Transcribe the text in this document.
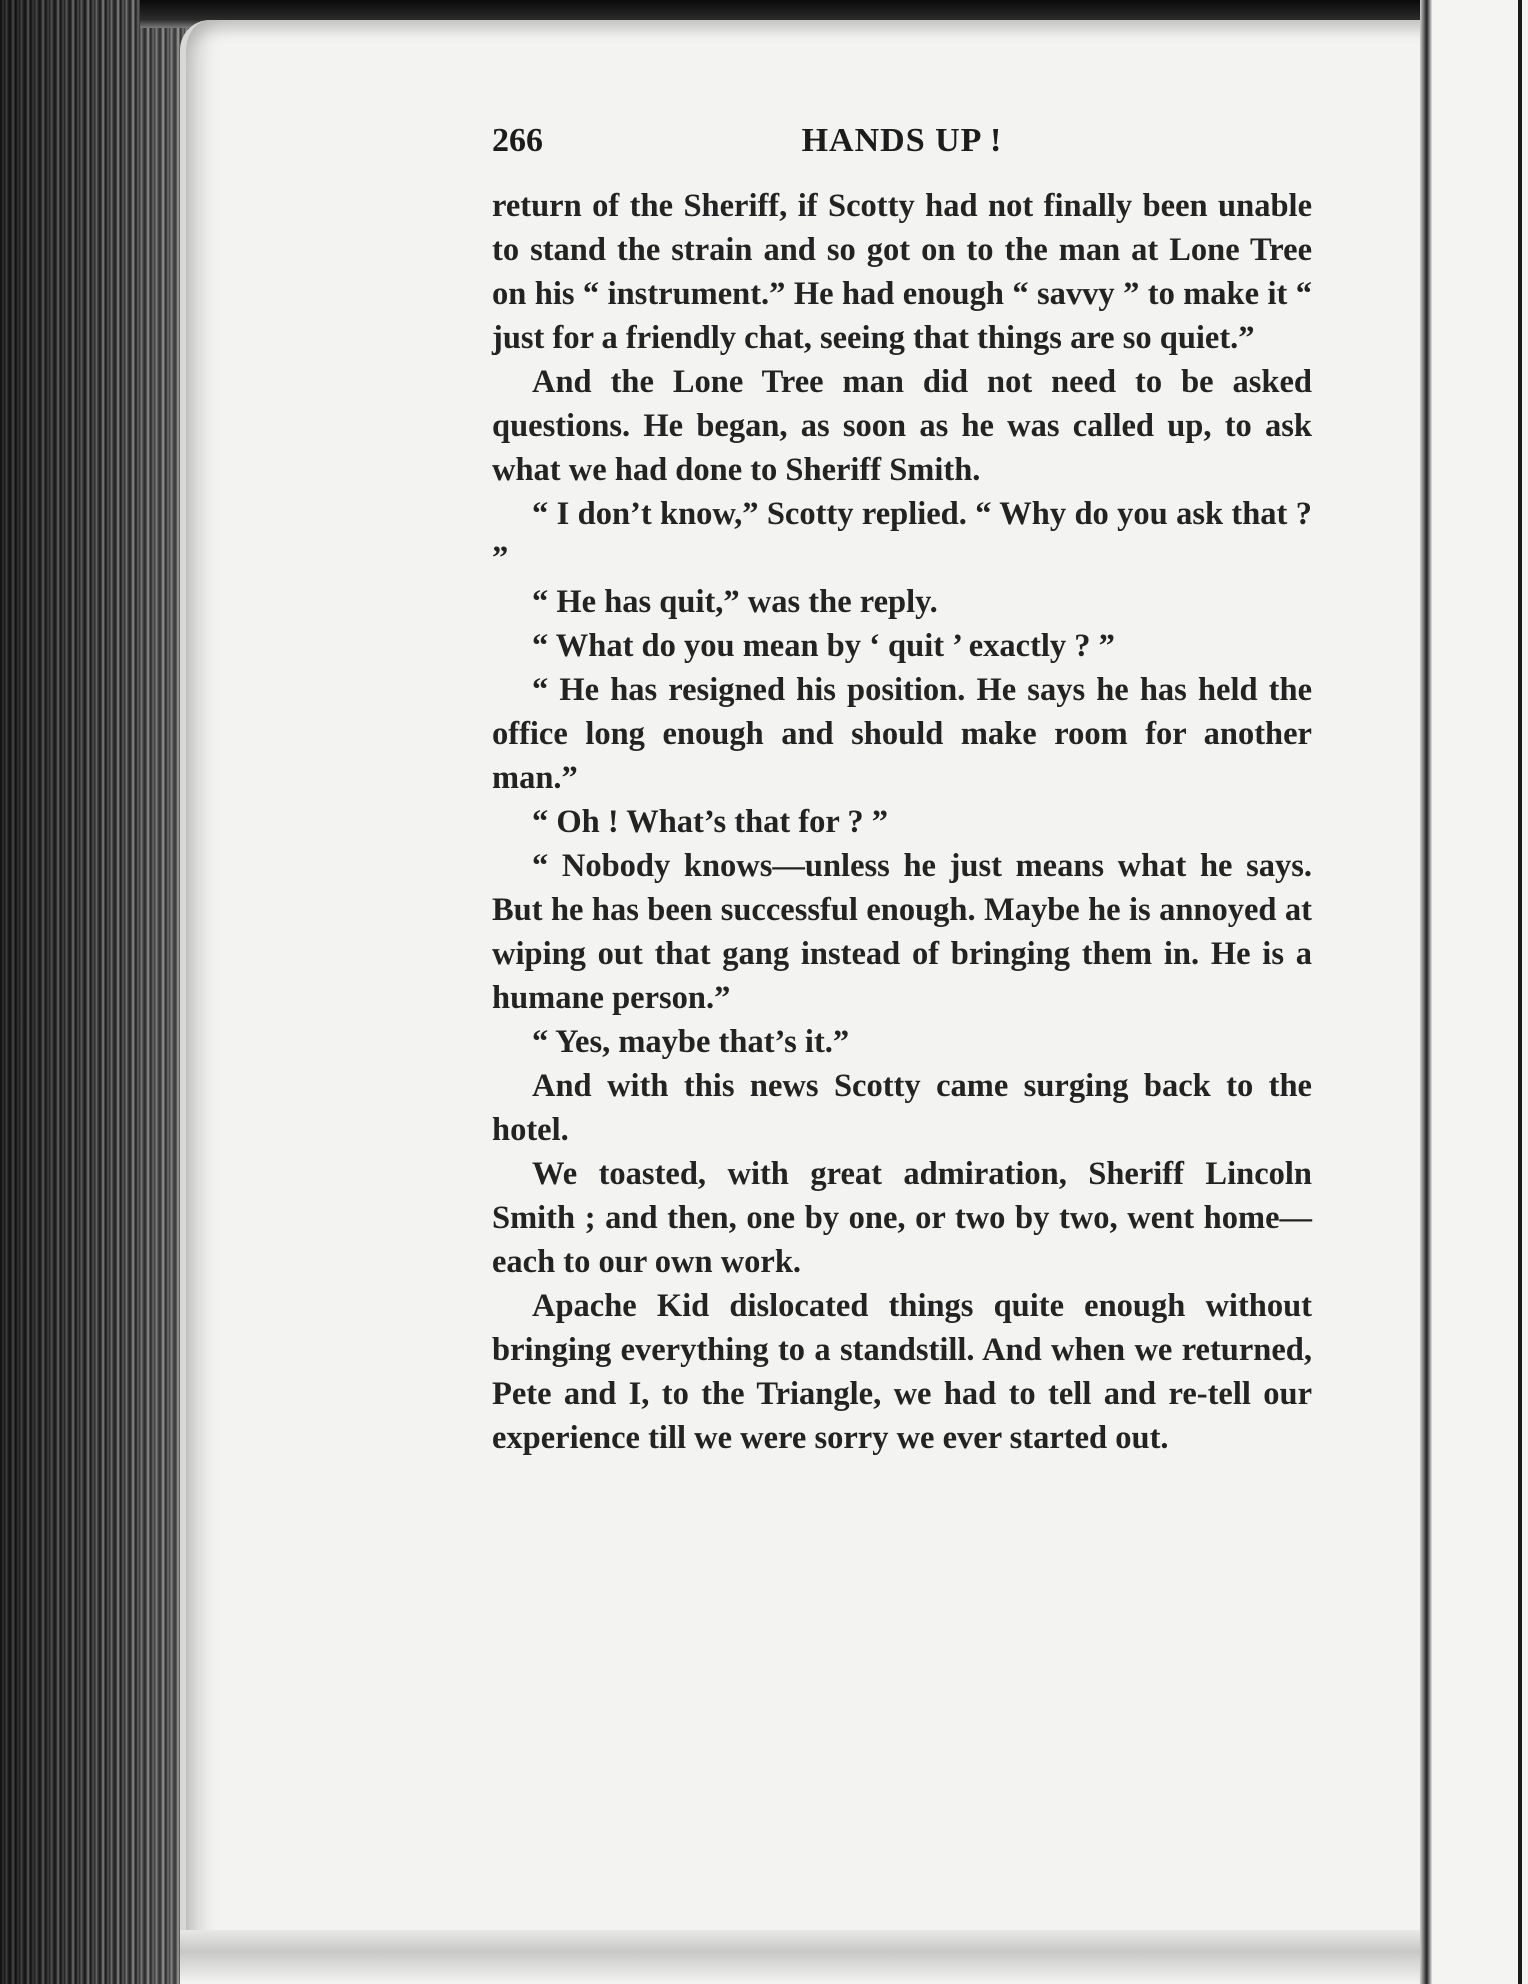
266	HANDS UP !

return of the Sheriff, if Scotty had not finally been unable to stand the strain and so got on to the man at Lone Tree on his “ instrument.” He had enough “ savvy ” to make it “ just for a friendly chat, seeing that things are so quiet.”

And the Lone Tree man did not need to be asked questions. He began, as soon as he was called up, to ask what we had done to Sheriff Smith.

“ I don’t know,” Scotty replied. “ Why do you ask that ? ”

“ He has quit,” was the reply.

“ What do you mean by ‘ quit ’ exactly ? ”

“ He has resigned his position. He says he has held the office long enough and should make room for another man.”

“ Oh ! What’s that for ? ”

“ Nobody knows—unless he just means what he says. But he has been successful enough. Maybe he is annoyed at wiping out that gang instead of bringing them in. He is a humane person.”

“ Yes, maybe that’s it.”

And with this news Scotty came surging back to the hotel.

We toasted, with great admiration, Sheriff Lincoln Smith ; and then, one by one, or two by two, went home—each to our own work.

Apache Kid dislocated things quite enough without bringing everything to a standstill. And when we returned, Pete and I, to the Triangle, we had to tell and re-tell our experience till we were sorry we ever started out.
